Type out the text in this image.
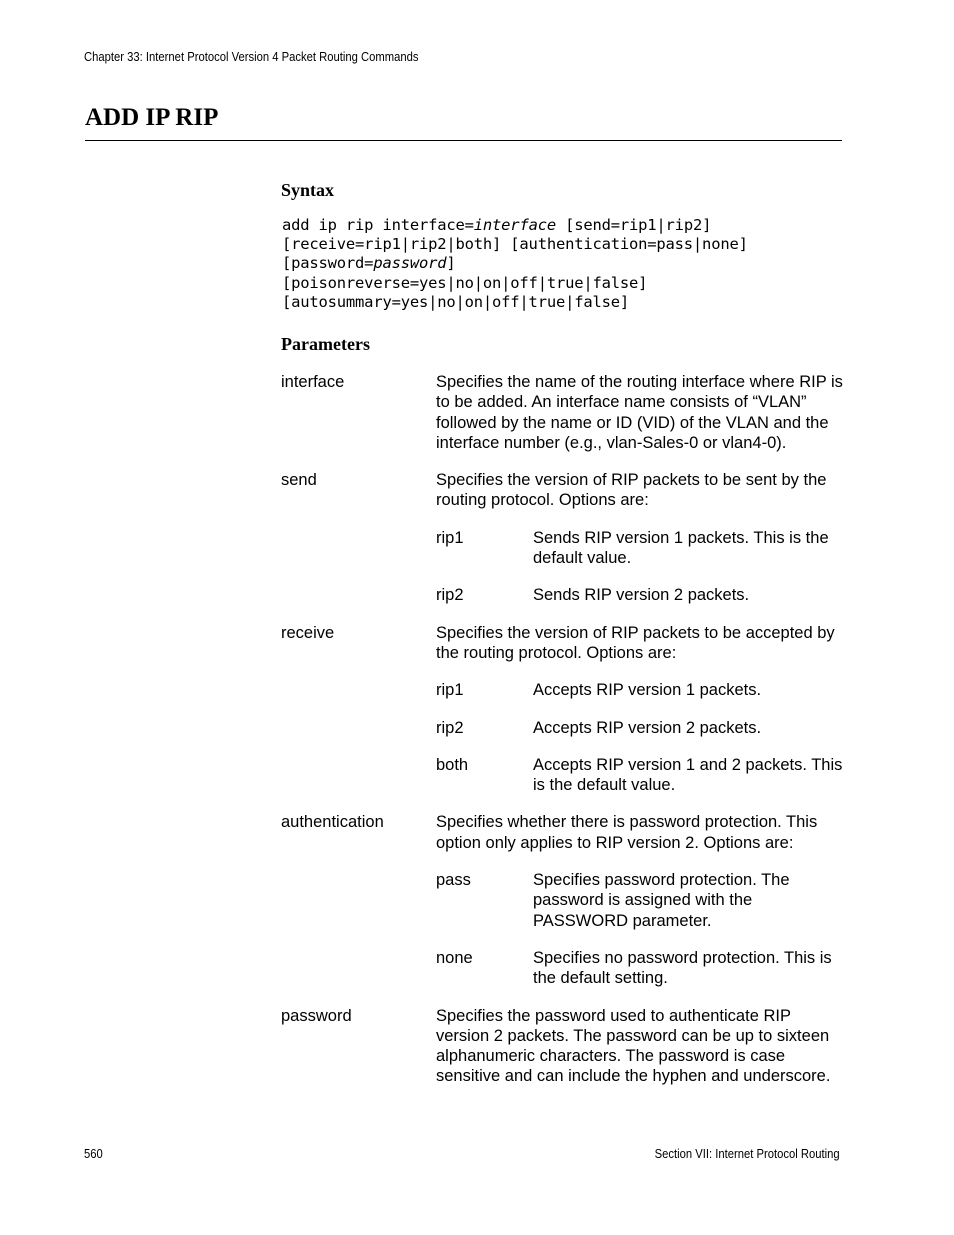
Chapter 33: Internet Protocol Version 4 Packet Routing Commands
ADD IP RIP
Syntax
add ip rip interface=interface [send=rip1|rip2]
[receive=rip1|rip2|both] [authentication=pass|none]
[password=password]
[poisonreverse=yes|no|on|off|true|false]
[autosummary=yes|no|on|off|true|false]
Parameters
interface	Specifies the name of the routing interface where RIP is to be added. An interface name consists of “VLAN” followed by the name or ID (VID) of the VLAN and the interface number (e.g., vlan-Sales-0 or vlan4-0).

send	Specifies the version of RIP packets to be sent by the routing protocol. Options are:

rip1	Sends RIP version 1 packets. This is the default value.
rip2	Sends RIP version 2 packets.
receive	Specifies the version of RIP packets to be accepted by the routing protocol. Options are:

rip1	Accepts RIP version 1 packets.
rip2	Accepts RIP version 2 packets.
both	Accepts RIP version 1 and 2 packets. This is the default value.
authentication	Specifies whether there is password protection. This option only applies to RIP version 2. Options are:

pass	Specifies password protection. The password is assigned with the PASSWORD parameter.
none	Specifies no password protection. This is the default setting.
password	Specifies the password used to authenticate RIP version 2 packets. The password can be up to sixteen alphanumeric characters. The password is case sensitive and can include the hyphen and underscore.

560	Section VII: Internet Protocol Routing
